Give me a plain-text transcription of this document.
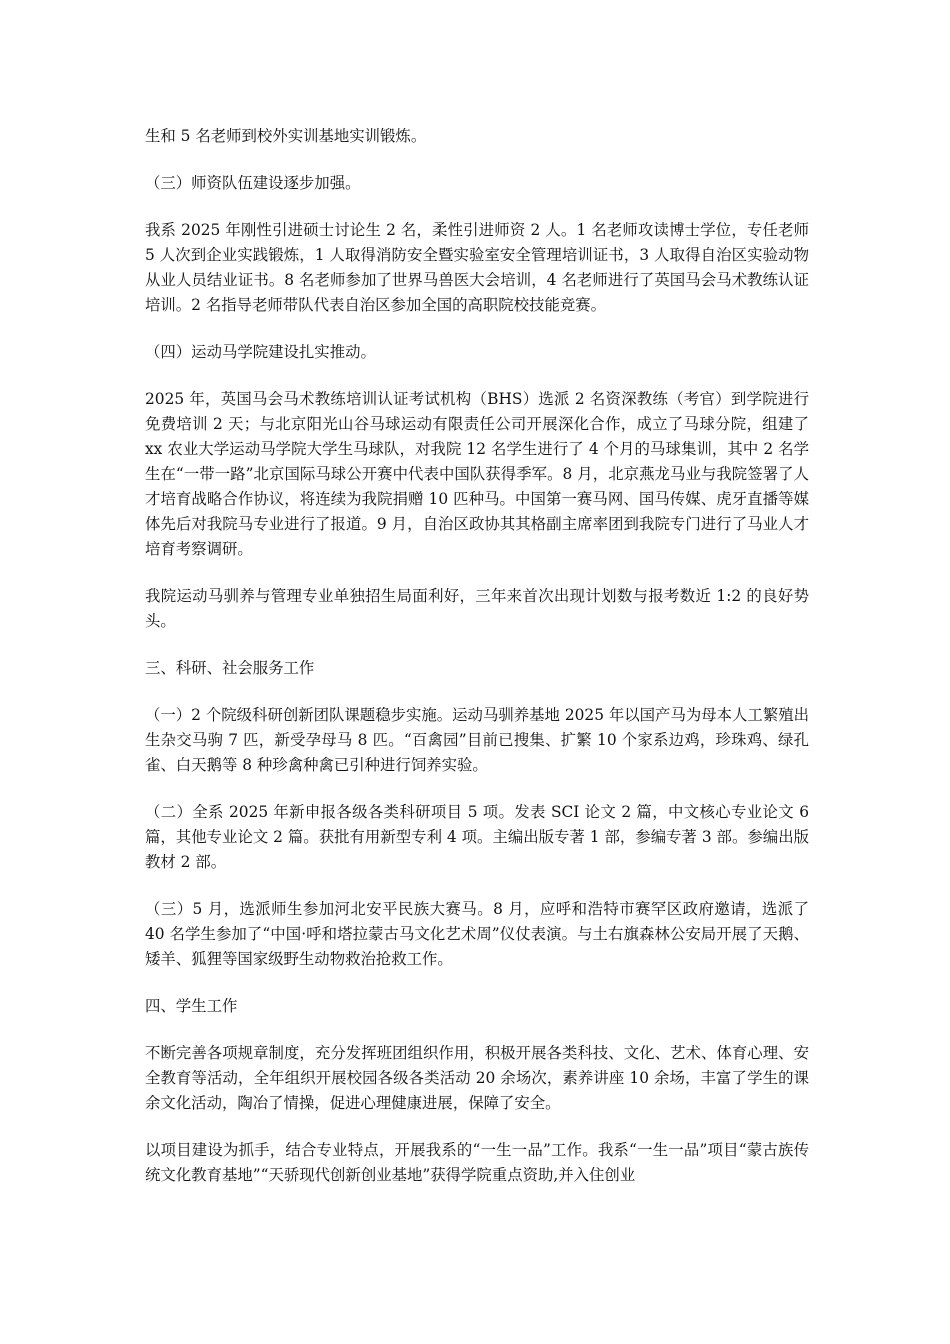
生和 5 名老师到校外实训基地实训锻炼。

（三）师资队伍建设逐步加强。

我系 2025 年刚性引进硕士讨论生 2 名，柔性引进师资 2 人。1 名老师攻读博士学位，专任老师 5 人次到企业实践锻炼，1 人取得消防安全暨实验室安全管理培训证书，3 人取得自治区实验动物从业人员结业证书。8 名老师参加了世界马兽医大会培训，4 名老师进行了英国马会马术教练认证培训。2 名指导老师带队代表自治区参加全国的高职院校技能竞赛。

（四）运动马学院建设扎实推动。

2025 年，英国马会马术教练培训认证考试机构（BHS）选派 2 名资深教练（考官）到学院进行免费培训 2 天；与北京阳光山谷马球运动有限责任公司开展深化合作，成立了马球分院，组建了 xx 农业大学运动马学院大学生马球队，对我院 12 名学生进行了 4 个月的马球集训，其中 2 名学生在“一带一路”北京国际马球公开赛中代表中国队获得季军。8 月，北京燕龙马业与我院签署了人才培育战略合作协议，将连续为我院捐赠 10 匹种马。中国第一赛马网、国马传媒、虎牙直播等媒体先后对我院马专业进行了报道。9 月，自治区政协其其格副主席率团到我院专门进行了马业人才培育考察调研。

我院运动马驯养与管理专业单独招生局面利好，三年来首次出现计划数与报考数近 1:2 的良好势头。

三、科研、社会服务工作

（一）2 个院级科研创新团队课题稳步实施。运动马驯养基地 2025 年以国产马为母本人工繁殖出生杂交马驹 7 匹，新受孕母马 8 匹。“百禽园”目前已搜集、扩繁 10 个家系边鸡，珍珠鸡、绿孔雀、白天鹅等 8 种珍禽种禽已引种进行饲养实验。

（二）全系 2025 年新申报各级各类科研项目 5 项。发表 SCI 论文 2 篇，中文核心专业论文 6 篇，其他专业论文 2 篇。获批有用新型专利 4 项。主编出版专著 1 部，参编专著 3 部。参编出版教材 2 部。

（三）5 月，选派师生参加河北安平民族大赛马。8 月，应呼和浩特市赛罕区政府邀请，选派了 40 名学生参加了“中国·呼和塔拉蒙古马文化艺术周”仪仗表演。与土右旗森林公安局开展了天鹅、矮羊、狐狸等国家级野生动物救治抢救工作。

四、学生工作

不断完善各项规章制度，充分发挥班团组织作用，积极开展各类科技、文化、艺术、体育心理、安全教育等活动，全年组织开展校园各级各类活动 20 余场次，素养讲座 10 余场，丰富了学生的课余文化活动，陶冶了情操，促进心理健康进展，保障了安全。

以项目建设为抓手，结合专业特点，开展我系的“一生一品”工作。我系“一生一品”项目“蒙古族传统文化教育基地”“天骄现代创新创业基地”获得学院重点资助,并入住创业
